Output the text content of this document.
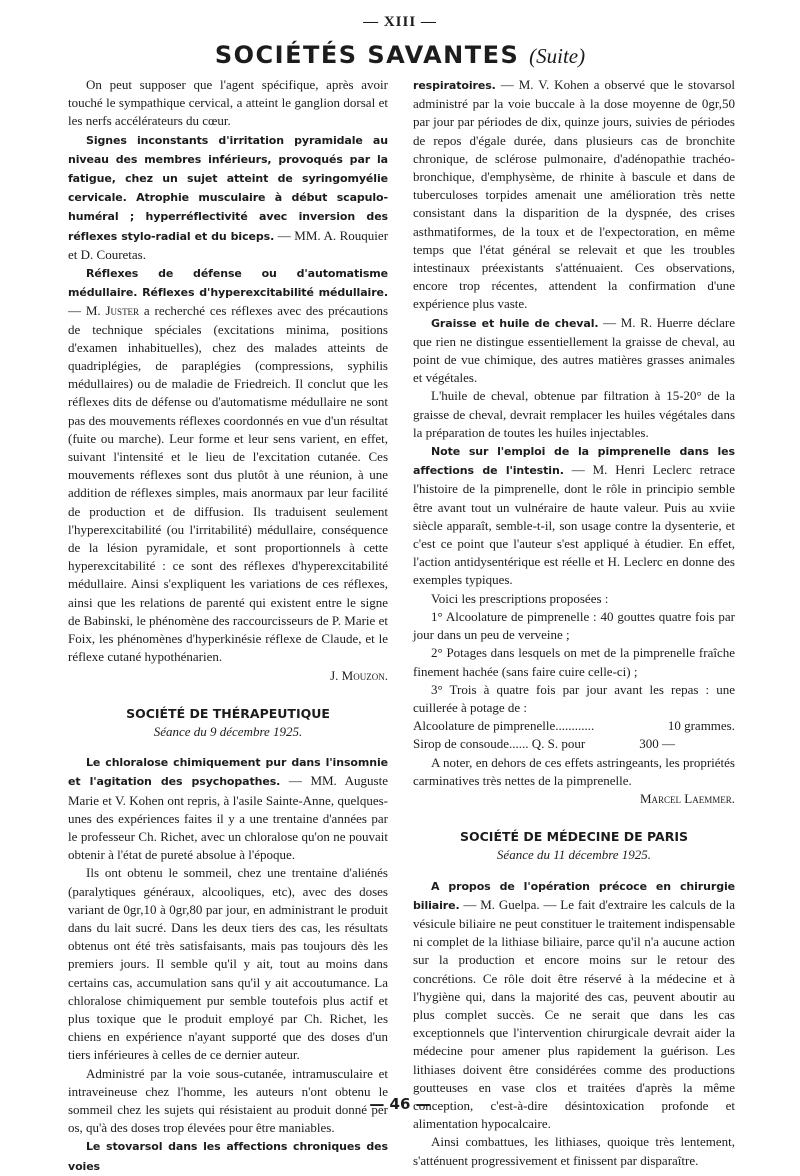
— XIII —
SOCIÉTÉS SAVANTES (Suite)

On peut supposer que l'agent spécifique, après avoir touché le sympathique cervical, a atteint le ganglion dorsal et les nerfs accélérateurs du cœur.

Signes inconstants d'irritation pyramidale au niveau des membres inférieurs, provoqués par la fatigue, chez un sujet atteint de syringomyélie cervicale. Atrophie musculaire à début scapulo-huméral ; hyperréflectivité avec inversion des réflexes stylo-radial et du biceps. — MM. A. Rouquier et D. Couretas.

Réflexes de défense ou d'automatisme médullaire. Réflexes d'hyperexcitabilité médullaire. — M. Juster a recherché ces réflexes avec des précautions de technique spéciales (excitations minima, positions d'examen inhabituelles), chez des malades atteints de quadriplégies, de paraplégies (compressions, syphilis médullaires) ou de maladie de Friedreich. Il conclut que les réflexes dits de défense ou d'automatisme médullaire ne sont pas des mouvements réflexes coordonnés en vue d'un résultat (fuite ou marche). Leur forme et leur sens varient, en effet, suivant l'intensité et le lieu de l'excitation cutanée. Ces mouvements réflexes sont dus plutôt à une réunion, à une addition de réflexes simples, mais anormaux par leur facilité de production et de diffusion. Ils traduisent seulement l'hyperexcitabilité (ou l'irritabilité) médullaire, conséquence de la lésion pyramidale, et sont proportionnels à cette hyperexcitabilité : ce sont des réflexes d'hyperexcitabilité médullaire. Ainsi s'expliquent les variations de ces réflexes, ainsi que les relations de parenté qui existent entre le signe de Babinski, le phénomène des raccourcisseurs de P. Marie et Foix, les phénomènes d'hyperkinésie réflexe de Claude, et le réflexe cutané hypothénarien.

J. Mouzon.

SOCIÉTÉ DE THÉRAPEUTIQUE

Séance du 9 décembre 1925.

Le chloralose chimiquement pur dans l'insomnie et l'agitation des psychopathes. — MM. Auguste Marie et V. Kohen ont repris, à l'asile Sainte-Anne, quelques-unes des expériences faites il y a une trentaine d'années par le professeur Ch. Richet, avec un chloralose qu'on ne pouvait obtenir à l'état de pureté absolue à l'époque.

Ils ont obtenu le sommeil, chez une trentaine d'aliénés (paralytiques généraux, alcooliques, etc), avec des doses variant de 0gr,10 à 0gr,80 par jour, en administrant le produit dans du lait sucré. Dans les deux tiers des cas, les résultats obtenus ont été très satisfaisants, mais pas toujours dès les premiers jours. Il semble qu'il y ait, tout au moins dans certains cas, accumulation sans qu'il y ait accoutumance. La chloralose chimiquement pur semble toutefois plus actif et plus toxique que le produit employé par Ch. Richet, les chiens en expérience n'ayant supporté que des doses d'un tiers inférieures à celles de ce dernier auteur.

Administré par la voie sous-cutanée, intramusculaire et intraveineuse chez l'homme, les auteurs n'ont obtenu le sommeil chez les sujets qui résistaient au produit donné per os, qu'à des doses trop élevées pour être maniables.

Le stovarsol dans les affections chroniques des voies

respiratoires. — M. V. Kohen a observé que le stovarsol administré par la voie buccale à la dose moyenne de 0gr,50 par jour par périodes de dix, quinze jours, suivies de périodes de repos d'égale durée, dans plusieurs cas de bronchite chronique, de sclérose pulmonaire, d'adénopathie trachéo-bronchique, d'emphysème, de rhinite à bascule et dans de tuberculoses torpides amenait une amélioration très nette consistant dans la disparition de la dyspnée, des crises asthmatiformes, de la toux et de l'expectoration, en même temps que l'état général se relevait et que les troubles intestinaux préexistants s'atténuaient. Ces observations, encore trop récentes, attendent la confirmation d'une expérience plus vaste.

Graisse et huile de cheval. — M. R. Huerre déclare que rien ne distingue essentiellement la graisse de cheval, au point de vue chimique, des autres matières grasses animales et végétales.

L'huile de cheval, obtenue par filtration à 15-20° de la graisse de cheval, devrait remplacer les huiles végétales dans la préparation de toutes les huiles injectables.

Note sur l'emploi de la pimprenelle dans les affections de l'intestin. — M. Henri Leclerc retrace l'histoire de la pimprenelle, dont le rôle in principio semble être avant tout un vulnéraire de haute valeur. Puis au xviie siècle apparaît, semble-t-il, son usage contre la dysenterie, et c'est ce point que l'auteur s'est appliqué à étudier. En effet, l'action antidysentérique est réelle et H. Leclerc en donne des exemples typiques.

Voici les prescriptions proposées :

1° Alcoolature de pimprenelle : 40 gouttes quatre fois par jour dans un peu de verveine ;

2° Potages dans lesquels on met de la pimprenelle fraîche finement hachée (sans faire cuire celle-ci) ;

3° Trois à quatre fois par jour avant les repas : une cuillerée à potage de :

Alcoolature de pimprenelle............	10 grammes.
Sirop de consoude...... Q. S. pour	300 —

A noter, en dehors de ces effets astringeants, les propriétés carminatives très nettes de la pimprenelle.

Marcel Laemmer.

SOCIÉTÉ DE MÉDECINE DE PARIS

Séance du 11 décembre 1925.

A propos de l'opération précoce en chirurgie biliaire. — M. Guelpa. — Le fait d'extraire les calculs de la vésicule biliaire ne peut constituer le traitement indispensable ni complet de la lithiase biliaire, parce qu'il n'a aucune action sur la production et encore moins sur le retour des concrétions. Ce rôle doit être réservé à la médecine et à l'hygiène qui, dans la majorité des cas, peuvent aboutir au plus complet succès. Ce ne serait que dans les cas exceptionnels que l'intervention chirurgicale devrait aider la médecine pour amener plus rapidement la guérison. Les lithiases doivent être considérées comme des productions goutteuses en vase clos et traitées d'après la même conception, c'est-à-dire désintoxication profonde et alimentation hypocalcaire.

Ainsi combattues, les lithiases, quoique très lentement, s'atténuent progressivement et finissent par disparaître.

— 46 —
